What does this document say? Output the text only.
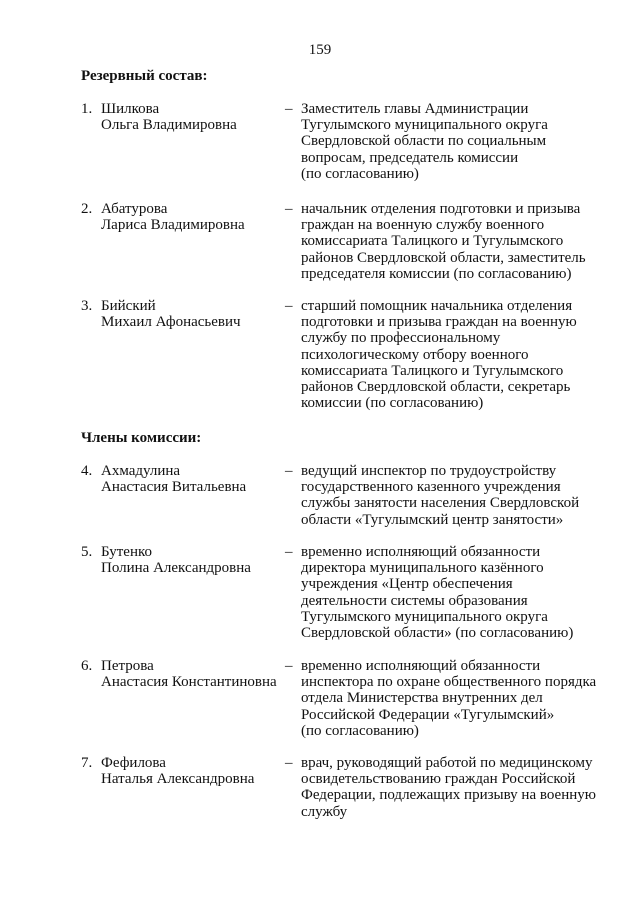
159
Резервный состав:
1. Шилкова
Ольга Владимировна
– Заместитель главы Администрации
Тугулымского муниципального округа
Свердловской области по социальным
вопросам, председатель комиссии
(по согласованию)
2. Абатурова
Лариса Владимировна
– начальник отделения подготовки и призыва
граждан на военную службу военного
комиссариата Талицкого и Тугулымского
районов Свердловской области, заместитель
председателя комиссии (по согласованию)
3. Бийский
Михаил Афонасьевич
– старший помощник начальника отделения
подготовки и призыва граждан на военную
службу по профессиональному
психологическому отбору военного
комиссариата Талицкого и Тугулымского
районов Свердловской области, секретарь
комиссии (по согласованию)
Члены комиссии:
4. Ахмадулина
Анастасия Витальевна
– ведущий инспектор по трудоустройству
государственного казенного учреждения
службы занятости населения Свердловской
области «Тугулымский центр занятости»
5. Бутенко
Полина Александровна
– временно исполняющий обязанности
директора муниципального казённого
учреждения «Центр обеспечения
деятельности системы образования
Тугулымского муниципального округа
Свердловской области» (по согласованию)
6. Петрова
Анастасия Константиновна
– временно исполняющий обязанности
инспектора по охране общественного порядка
отдела Министерства внутренних дел
Российской Федерации «Тугулымский»
(по согласованию)
7. Фефилова
Наталья Александровна
– врач, руководящий работой по медицинскому
освидетельствованию граждан Российской
Федерации, подлежащих призыву на военную
службу
